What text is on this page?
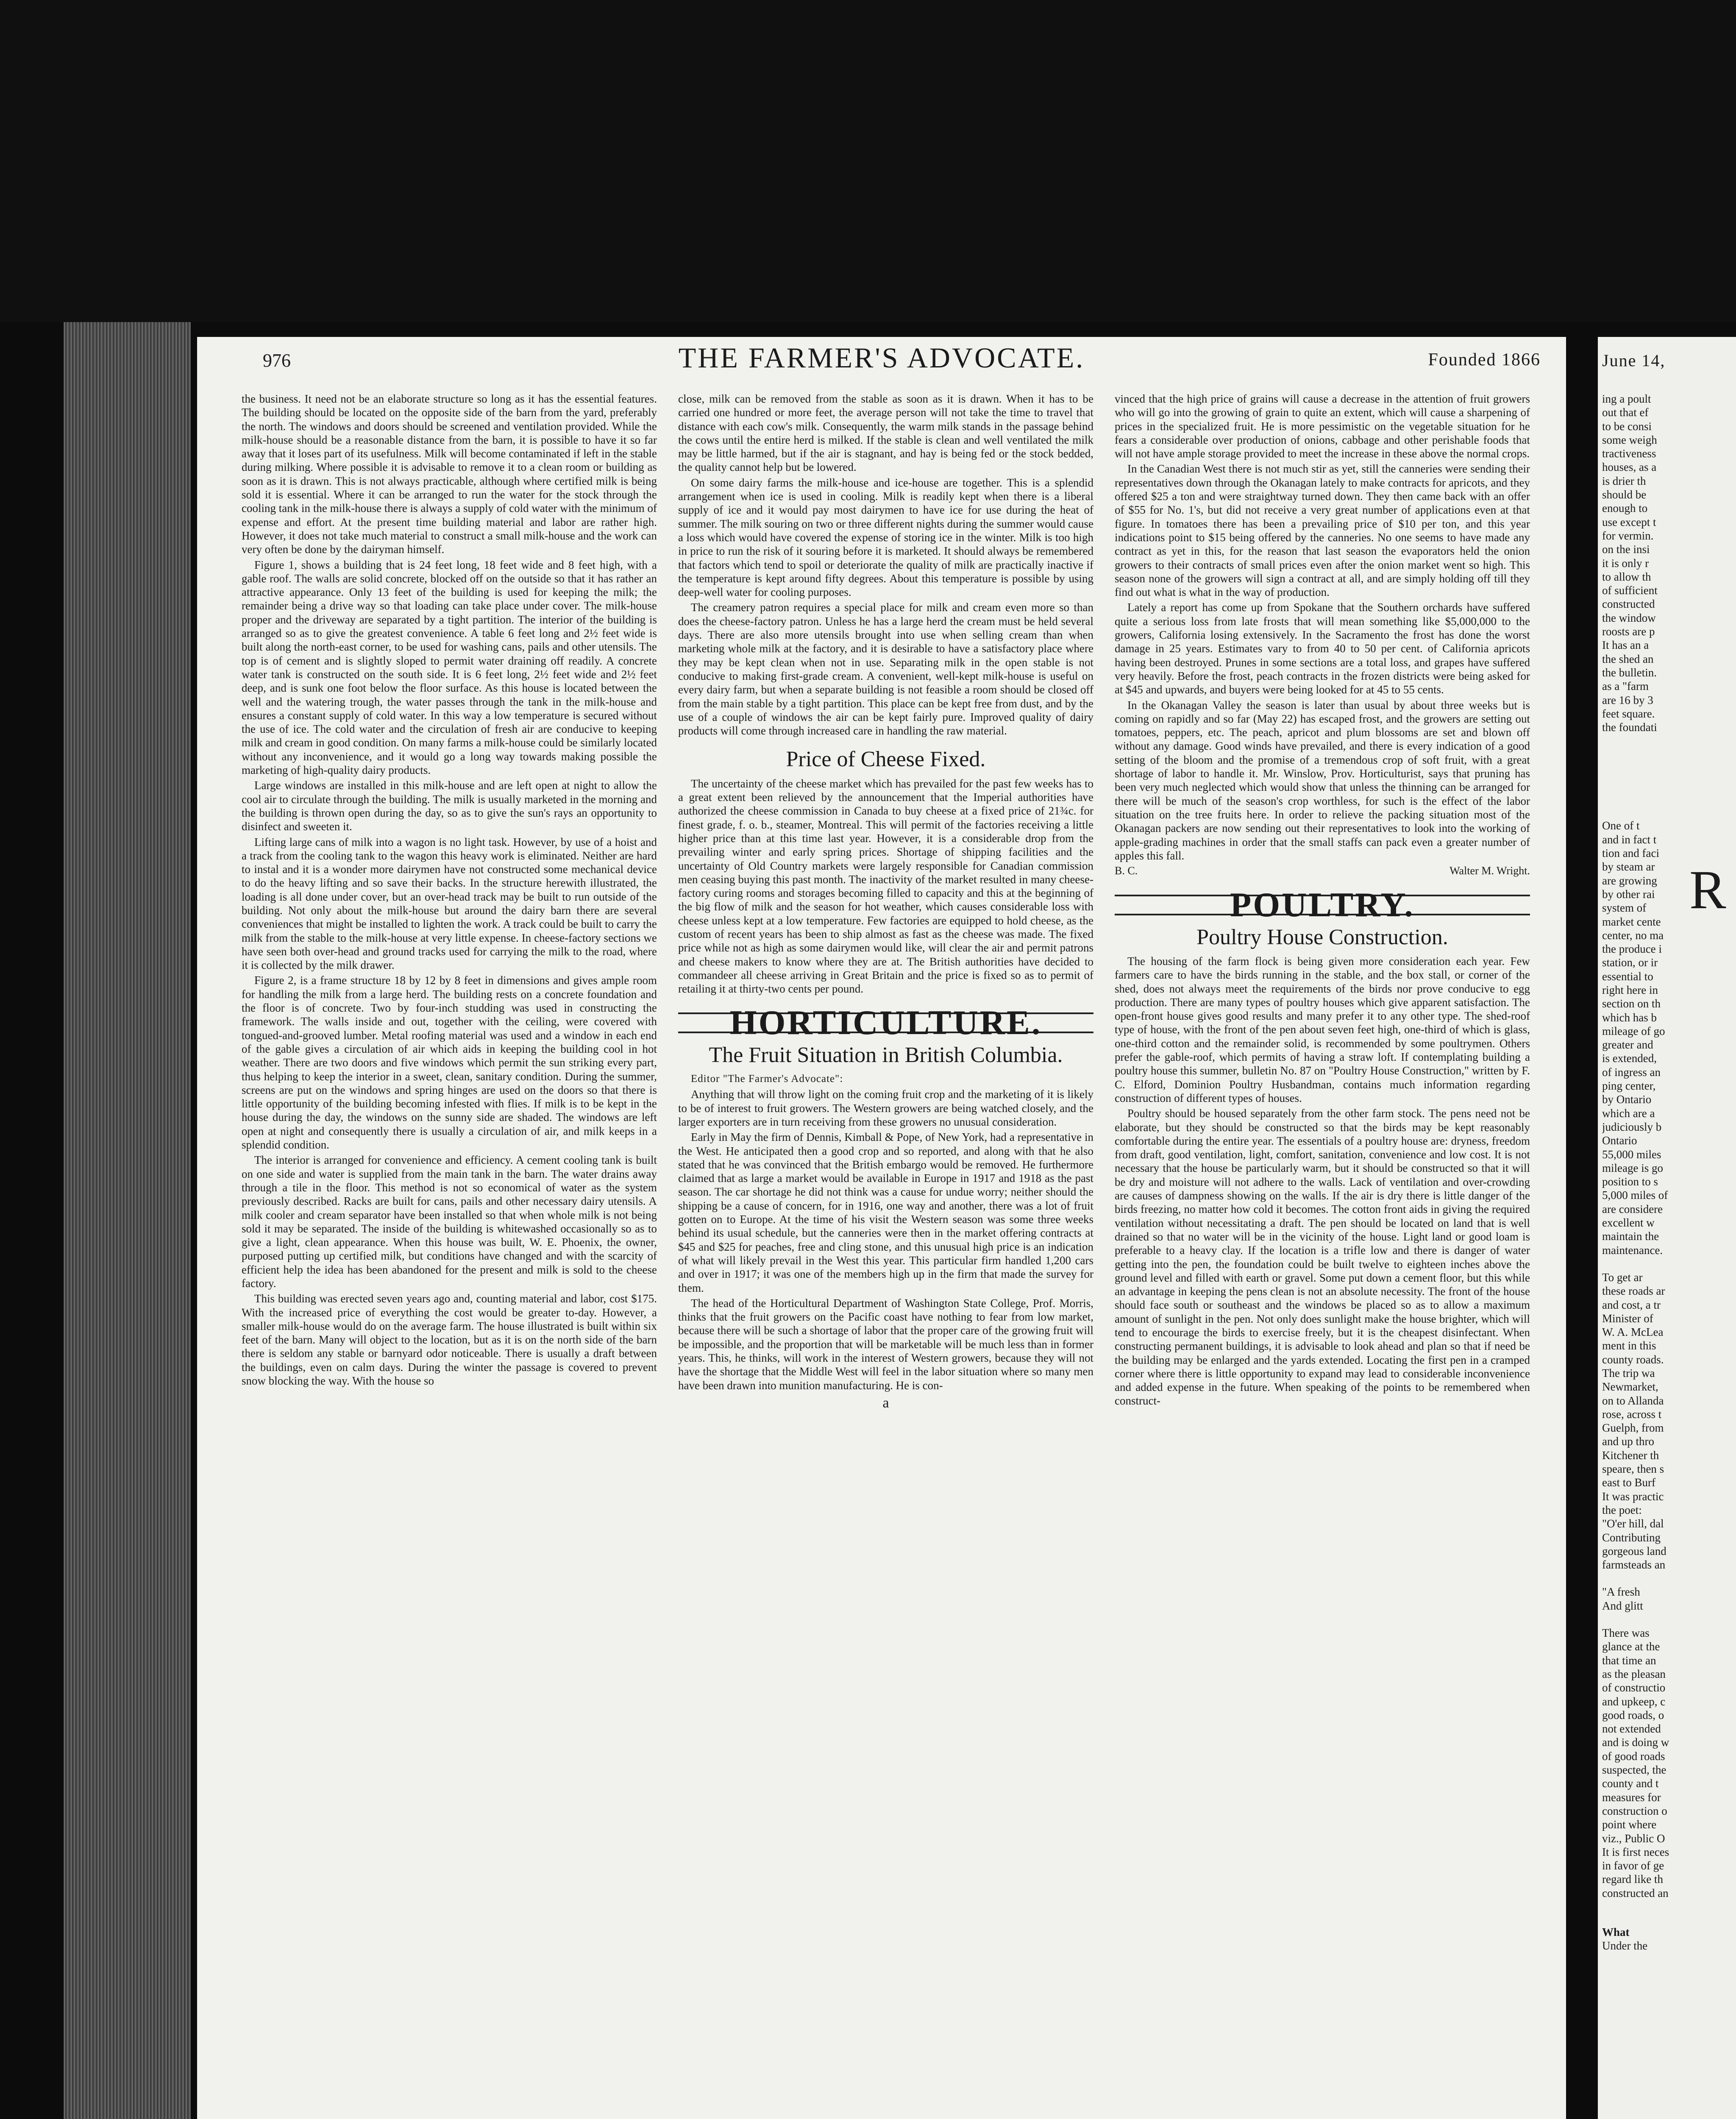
976	THE FARMER'S ADVOCATE.	Founded 1866

the business. It need not be an elaborate structure so long as it has the essential features. The building should be located on the opposite side of the barn from the yard, preferably the north. The windows and doors should be screened and ventilation provided. While the milk-house should be a reasonable distance from the barn, it is possible to have it so far away that it loses part of its usefulness. Milk will become contaminated if left in the stable during milking. Where possible it is advisable to remove it to a clean room or building as soon as it is drawn. This is not always practicable, although where certified milk is being sold it is essential. Where it can be arranged to run the water for the stock through the cooling tank in the milk-house there is always a supply of cold water with the minimum of expense and effort. At the present time building material and labor are rather high. However, it does not take much material to construct a small milk-house and the work can very often be done by the dairyman himself.

Figure 1, shows a building that is 24 feet long, 18 feet wide and 8 feet high, with a gable roof. The walls are solid concrete, blocked off on the outside so that it has rather an attractive appearance. Only 13 feet of the building is used for keeping the milk; the remainder being a drive way so that loading can take place under cover. The milk-house proper and the driveway are separated by a tight partition. The interior of the building is arranged so as to give the greatest convenience. A table 6 feet long and 2½ feet wide is built along the north-east corner, to be used for washing cans, pails and other utensils. The top is of cement and is slightly sloped to permit water draining off readily. A concrete water tank is constructed on the south side. It is 6 feet long, 2½ feet wide and 2½ feet deep, and is sunk one foot below the floor surface. As this house is located between the well and the watering trough, the water passes through the tank in the milk-house and ensures a constant supply of cold water. In this way a low temperature is secured without the use of ice. The cold water and the circulation of fresh air are conducive to keeping milk and cream in good condition. On many farms a milk-house could be similarly located without any inconvenience, and it would go a long way towards making possible the marketing of high-quality dairy products.

Large windows are installed in this milk-house and are left open at night to allow the cool air to circulate through the building. The milk is usually marketed in the morning and the building is thrown open during the day, so as to give the sun's rays an opportunity to disinfect and sweeten it.

Lifting large cans of milk into a wagon is no light task. However, by use of a hoist and a track from the cooling tank to the wagon this heavy work is eliminated. Neither are hard to instal and it is a wonder more dairymen have not constructed some mechanical device to do the heavy lifting and so save their backs. In the structure herewith illustrated, the loading is all done under cover, but an over-head track may be built to run outside of the building. Not only about the milk-house but around the dairy barn there are several conveniences that might be installed to lighten the work. A track could be built to carry the milk from the stable to the milk-house at very little expense. In cheese-factory sections we have seen both over-head and ground tracks used for carrying the milk to the road, where it is collected by the milk drawer.

Figure 2, is a frame structure 18 by 12 by 8 feet in dimensions and gives ample room for handling the milk from a large herd. The building rests on a concrete foundation and the floor is of concrete. Two by four-inch studding was used in constructing the framework. The walls inside and out, together with the ceiling, were covered with tongued-and-grooved lumber. Metal roofing material was used and a window in each end of the gable gives a circulation of air which aids in keeping the building cool in hot weather. There are two doors and five windows which permit the sun striking every part, thus helping to keep the interior in a sweet, clean, sanitary condition. During the summer, screens are put on the windows and spring hinges are used on the doors so that there is little opportunity of the building becoming infested with flies. If milk is to be kept in the house during the day, the windows on the sunny side are shaded. The windows are left open at night and consequently there is usually a circulation of air, and milk keeps in a splendid condition.

The interior is arranged for convenience and efficiency. A cement cooling tank is built on one side and water is supplied from the main tank in the barn. The water drains away through a tile in the floor. This method is not so economical of water as the system previously described. Racks are built for cans, pails and other necessary dairy utensils. A milk cooler and cream separator have been installed so that when whole milk is not being sold it may be separated. The inside of the building is whitewashed occasionally so as to give a light, clean appearance. When this house was built, W. E. Phoenix, the owner, purposed putting up certified milk, but conditions have changed and with the scarcity of efficient help the idea has been abandoned for the present and milk is sold to the cheese factory.

This building was erected seven years ago and, counting material and labor, cost $175. With the increased price of everything the cost would be greater to-day. However, a smaller milk-house would do on the average farm. The house illustrated is built within six feet of the barn. Many will object to the location, but as it is on the north side of the barn there is seldom any stable or barnyard odor noticeable. There is usually a draft between the buildings, even on calm days. During the winter the passage is covered to prevent snow blocking the way. With the house so

close, milk can be removed from the stable as soon as it is drawn. When it has to be carried one hundred or more feet, the average person will not take the time to travel that distance with each cow's milk. Consequently, the warm milk stands in the passage behind the cows until the entire herd is milked. If the stable is clean and well ventilated the milk may be little harmed, but if the air is stagnant, and hay is being fed or the stock bedded, the quality cannot help but be lowered.

On some dairy farms the milk-house and ice-house are together. This is a splendid arrangement when ice is used in cooling. Milk is readily kept when there is a liberal supply of ice and it would pay most dairymen to have ice for use during the heat of summer. The milk souring on two or three different nights during the summer would cause a loss which would have covered the expense of storing ice in the winter. Milk is too high in price to run the risk of it souring before it is marketed. It should always be remembered that factors which tend to spoil or deteriorate the quality of milk are practically inactive if the temperature is kept around fifty degrees. About this temperature is possible by using deep-well water for cooling purposes.

The creamery patron requires a special place for milk and cream even more so than does the cheese-factory patron. Unless he has a large herd the cream must be held several days. There are also more utensils brought into use when selling cream than when marketing whole milk at the factory, and it is desirable to have a satisfactory place where they may be kept clean when not in use. Separating milk in the open stable is not conducive to making first-grade cream. A convenient, well-kept milk-house is useful on every dairy farm, but when a separate building is not feasible a room should be closed off from the main stable by a tight partition. This place can be kept free from dust, and by the use of a couple of windows the air can be kept fairly pure. Improved quality of dairy products will come through increased care in handling the raw material.

Price of Cheese Fixed.

The uncertainty of the cheese market which has prevailed for the past few weeks has to a great extent been relieved by the announcement that the Imperial authorities have authorized the cheese commission in Canada to buy cheese at a fixed price of 21¾c. for finest grade, f. o. b., steamer, Montreal. This will permit of the factories receiving a little higher price than at this time last year. However, it is a considerable drop from the prevailing winter and early spring prices. Shortage of shipping facilities and the uncertainty of Old Country markets were largely responsible for Canadian commission men ceasing buying this past month. The inactivity of the market resulted in many cheese-factory curing rooms and storages becoming filled to capacity and this at the beginning of the big flow of milk and the season for hot weather, which causes considerable loss with cheese unless kept at a low temperature. Few factories are equipped to hold cheese, as the custom of recent years has been to ship almost as fast as the cheese was made. The fixed price while not as high as some dairymen would like, will clear the air and permit patrons and cheese makers to know where they are at. The British authorities have decided to commandeer all cheese arriving in Great Britain and the price is fixed so as to permit of retailing it at thirty-two cents per pound.

HORTICULTURE.
The Fruit Situation in British Columbia.

Editor "The Farmer's Advocate":

Anything that will throw light on the coming fruit crop and the marketing of it is likely to be of interest to fruit growers. The Western growers are being watched closely, and the larger exporters are in turn receiving from these growers no unusual consideration.

Early in May the firm of Dennis, Kimball & Pope, of New York, had a representative in the West. He anticipated then a good crop and so reported, and along with that he also stated that he was convinced that the British embargo would be removed. He furthermore claimed that as large a market would be available in Europe in 1917 and 1918 as the past season. The car shortage he did not think was a cause for undue worry; neither should the shipping be a cause of concern, for in 1916, one way and another, there was a lot of fruit gotten on to Europe. At the time of his visit the Western season was some three weeks behind its usual schedule, but the canneries were then in the market offering contracts at $45 and $25 for peaches, free and cling stone, and this unusual high price is an indication of what will likely prevail in the West this year. This particular firm handled 1,200 cars and over in 1917; it was one of the members high up in the firm that made the survey for them.

The head of the Horticultural Department of Washington State College, Prof. Morris, thinks that the fruit growers on the Pacific coast have nothing to fear from low market, because there will be such a shortage of labor that the proper care of the growing fruit will be impossible, and the proportion that will be marketable will be much less than in former years. This, he thinks, will work in the interest of Western growers, because they will not have the shortage that the Middle West will feel in the labor situation where so many men have been drawn into munition manufacturing. He is con-

a

vinced that the high price of grains will cause a decrease in the attention of fruit growers who will go into the growing of grain to quite an extent, which will cause a sharpening of prices in the specialized fruit. He is more pessimistic on the vegetable situation for he fears a considerable over production of onions, cabbage and other perishable foods that will not have ample storage provided to meet the increase in these above the normal crops.

In the Canadian West there is not much stir as yet, still the canneries were sending their representatives down through the Okanagan lately to make contracts for apricots, and they offered $25 a ton and were straightway turned down. They then came back with an offer of $55 for No. 1's, but did not receive a very great number of applications even at that figure. In tomatoes there has been a prevailing price of $10 per ton, and this year indications point to $15 being offered by the canneries. No one seems to have made any contract as yet in this, for the reason that last season the evaporators held the onion growers to their contracts of small prices even after the onion market went so high. This season none of the growers will sign a contract at all, and are simply holding off till they find out what is what in the way of production.

Lately a report has come up from Spokane that the Southern orchards have suffered quite a serious loss from late frosts that will mean something like $5,000,000 to the growers, California losing extensively. In the Sacramento the frost has done the worst damage in 25 years. Estimates vary to from 40 to 50 per cent. of California apricots having been destroyed. Prunes in some sections are a total loss, and grapes have suffered very heavily. Before the frost, peach contracts in the frozen districts were being asked for at $45 and upwards, and buyers were being looked for at 45 to 55 cents.

In the Okanagan Valley the season is later than usual by about three weeks but is coming on rapidly and so far (May 22) has escaped frost, and the growers are setting out tomatoes, peppers, etc. The peach, apricot and plum blossoms are set and blown off without any damage. Good winds have prevailed, and there is every indication of a good setting of the bloom and the promise of a tremendous crop of soft fruit, with a great shortage of labor to handle it. Mr. Winslow, Prov. Horticulturist, says that pruning has been very much neglected which would show that unless the thinning can be arranged for there will be much of the season's crop worthless, for such is the effect of the labor situation on the tree fruits here. In order to relieve the packing situation most of the Okanagan packers are now sending out their representatives to look into the working of apple-grading machines in order that the small staffs can pack even a greater number of apples this fall.

B. C.	Walter M. Wright.
POULTRY.
Poultry House Construction.

The housing of the farm flock is being given more consideration each year. Few farmers care to have the birds running in the stable, and the box stall, or corner of the shed, does not always meet the requirements of the birds nor prove conducive to egg production. There are many types of poultry houses which give apparent satisfaction. The open-front house gives good results and many prefer it to any other type. The shed-roof type of house, with the front of the pen about seven feet high, one-third of which is glass, one-third cotton and the remainder solid, is recommended by some poultrymen. Others prefer the gable-roof, which permits of having a straw loft. If contemplating building a poultry house this summer, bulletin No. 87 on "Poultry House Construction," written by F. C. Elford, Dominion Poultry Husbandman, contains much information regarding construction of different types of houses.

Poultry should be housed separately from the other farm stock. The pens need not be elaborate, but they should be constructed so that the birds may be kept reasonably comfortable during the entire year. The essentials of a poultry house are: dryness, freedom from draft, good ventilation, light, comfort, sanitation, convenience and low cost. It is not necessary that the house be particularly warm, but it should be constructed so that it will be dry and moisture will not adhere to the walls. Lack of ventilation and over-crowding are causes of dampness showing on the walls. If the air is dry there is little danger of the birds freezing, no matter how cold it becomes. The cotton front aids in giving the required ventilation without necessitating a draft. The pen should be located on land that is well drained so that no water will be in the vicinity of the house. Light land or good loam is preferable to a heavy clay. If the location is a trifle low and there is danger of water getting into the pen, the foundation could be built twelve to eighteen inches above the ground level and filled with earth or gravel. Some put down a cement floor, but this while an advantage in keeping the pens clean is not an absolute necessity. The front of the house should face south or southeast and the windows be placed so as to allow a maximum amount of sunlight in the pen. Not only does sunlight make the house brighter, which will tend to encourage the birds to exercise freely, but it is the cheapest disinfectant. When constructing permanent buildings, it is advisable to look ahead and plan so that if need be the building may be enlarged and the yards extended. Locating the first pen in a cramped corner where there is little opportunity to expand may lead to considerable inconvenience and added expense in the future. When speaking of the points to be remembered when construct-

June 14,
R
ing a poult
out that ef
to be consi
some weigh
tractiveness
houses, as a
is drier th
should be
enough to
use except t
for vermin.
on the insi
it is only r
to allow th
of sufficient
constructed
the window
roosts are p
It has an a
the shed an
the bulletin.
as a "farm
are 16 by 3
feet square.
the foundati
One of t
and in fact t
tion and faci
by steam ar
are growing
by other rai
system of
market cente
center, no ma
the produce i
station, or ir
essential to
right here in
section on th
which has b
mileage of go
greater and
is extended,
of ingress an
ping center,
by Ontario
which are a
judiciously b
Ontario
55,000 miles
mileage is go
position to s
5,000 miles of
are considere
excellent w
maintain the
maintenance.
To get ar
these roads ar
and cost, a tr
Minister of
W. A. McLea
ment in this
county roads.
The trip wa
Newmarket,
on to Allanda
rose, across t
Guelph, from
and up thro
Kitchener th
speare, then s
east to Burf
It was practic
the poet:
"O'er hill, dal
Contributing
gorgeous land
farmsteads an
"A fresh
And glitt
There was
glance at the
that time an
as the pleasan
of constructio
and upkeep, c
good roads, o
not extended
and is doing w
of good roads
suspected, the
county and t
measures for
construction o
point where
viz., Public O
It is first neces
in favor of ge
regard like th
constructed an
What
Under the
